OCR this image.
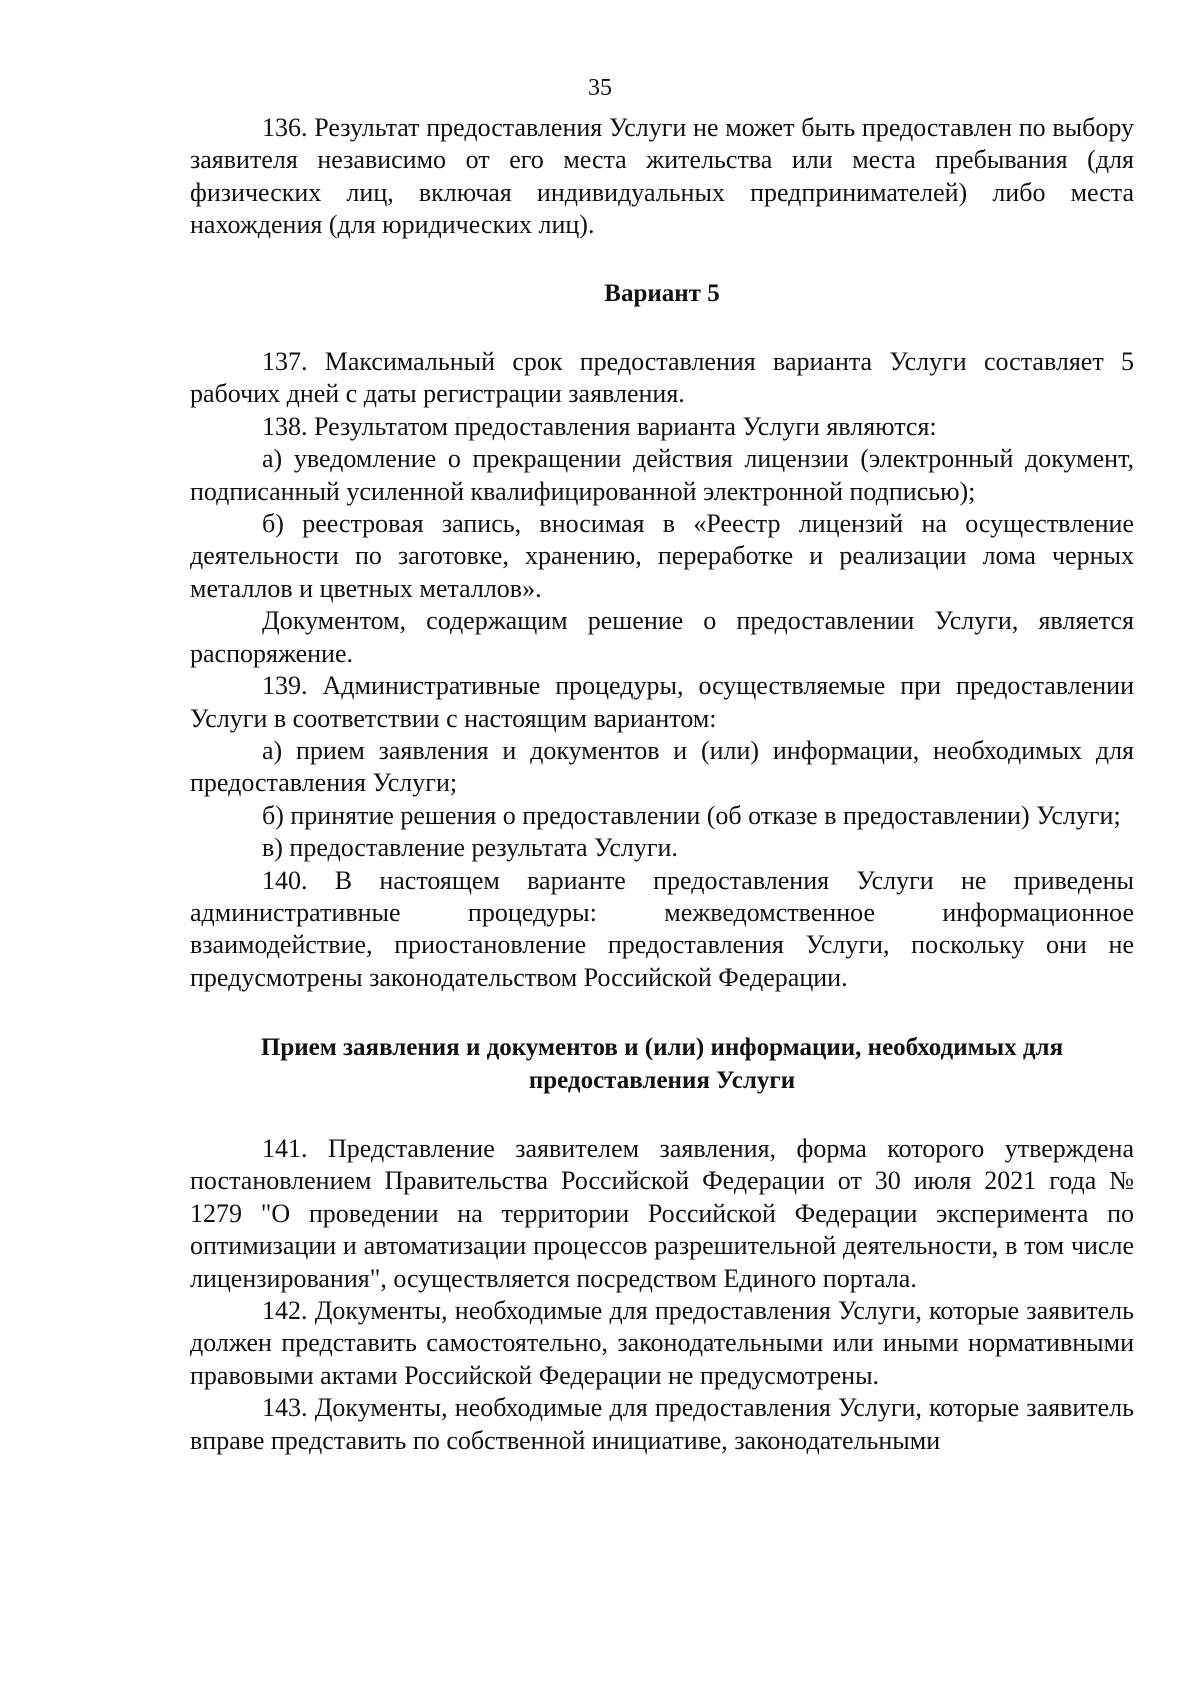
35

136. Результат предоставления Услуги не может быть предоставлен по выбору заявителя независимо от его места жительства или места пребывания (для физических лиц, включая индивидуальных предпринимателей) либо места нахождения (для юридических лиц).

Вариант 5

137. Максимальный срок предоставления варианта Услуги составляет 5 рабочих дней с даты регистрации заявления.

138. Результатом предоставления варианта Услуги являются:

а) уведомление о прекращении действия лицензии (электронный документ, подписанный усиленной квалифицированной электронной подписью);

б) реестровая запись, вносимая в «Реестр лицензий на осуществление деятельности по заготовке, хранению, переработке и реализации лома черных металлов и цветных металлов».

Документом, содержащим решение о предоставлении Услуги, является распоряжение.

139. Административные процедуры, осуществляемые при предоставлении Услуги в соответствии с настоящим вариантом:

а) прием заявления и документов и (или) информации, необходимых для предоставления Услуги;

б) принятие решения о предоставлении (об отказе в предоставлении) Услуги;

в) предоставление результата Услуги.

140. В настоящем варианте предоставления Услуги не приведены административные процедуры: межведомственное информационное взаимодействие, приостановление предоставления Услуги, поскольку они не предусмотрены законодательством Российской Федерации.

Прием заявления и документов и (или) информации, необходимых для
предоставления Услуги

141. Представление заявителем заявления, форма которого утверждена постановлением Правительства Российской Федерации от 30 июля 2021 года № 1279 "О проведении на территории Российской Федерации эксперимента по оптимизации и автоматизации процессов разрешительной деятельности, в том числе лицензирования", осуществляется посредством Единого портала.

142. Документы, необходимые для предоставления Услуги, которые заявитель должен представить самостоятельно, законодательными или иными нормативными правовыми актами Российской Федерации не предусмотрены.

143. Документы, необходимые для предоставления Услуги, которые заявитель вправе представить по собственной инициативе, законодательными
